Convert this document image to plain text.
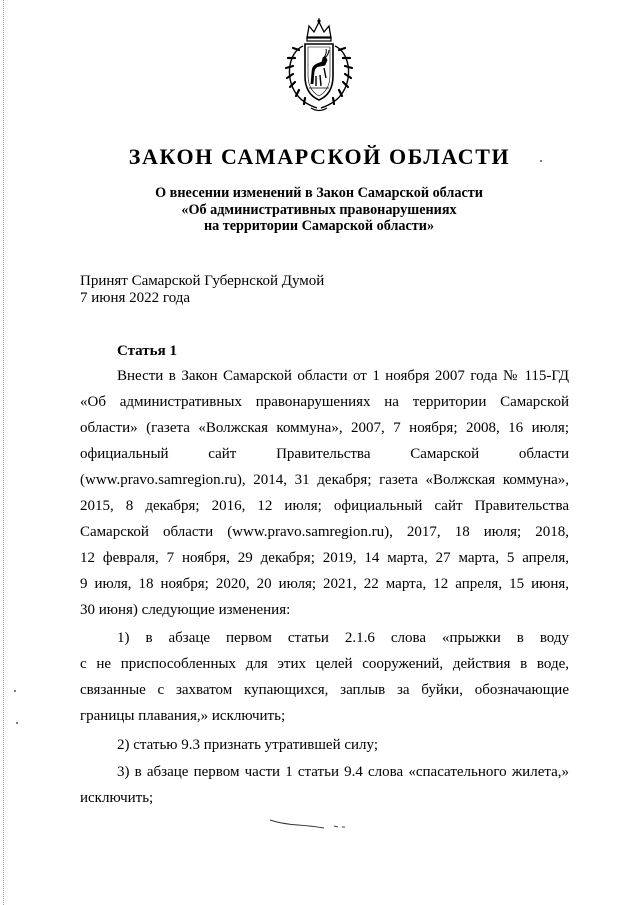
ЗАКОН САМАРСКОЙ ОБЛАСТИ
О внесении изменений в Закон Самарской области
«Об административных правонарушениях
на территории Самарской области»
Принят Самарской Губернской Думой
7 июня 2022 года
Статья 1
Внести в Закон Самарской области от 1 ноября 2007 года № 115-ГД
«Об административных правонарушениях на территории Самарской
области» (газета «Волжская коммуна», 2007, 7 ноября; 2008, 16 июля;
официальный сайт Правительства Самарской области
(www.pravo.samregion.ru), 2014, 31 декабря; газета «Волжская коммуна»,
2015, 8 декабря; 2016, 12 июля; официальный сайт Правительства
Самарской области (www.pravo.samregion.ru), 2017, 18 июля; 2018,
12 февраля, 7 ноября, 29 декабря; 2019, 14 марта, 27 марта, 5 апреля,
9 июля, 18 ноября; 2020, 20 июля; 2021, 22 марта, 12 апреля, 15 июня,
30 июня) следующие изменения:
1) в абзаце первом статьи 2.1.6 слова «прыжки в воду
с не приспособленных для этих целей сооружений, действия в воде,
связанные с захватом купающихся, заплыв за буйки, обозначающие
границы плавания,» исключить;
2) статью 9.3 признать утратившей силу;
3) в абзаце первом части 1 статьи 9.4 слова «спасательного жилета,»
исключить;
